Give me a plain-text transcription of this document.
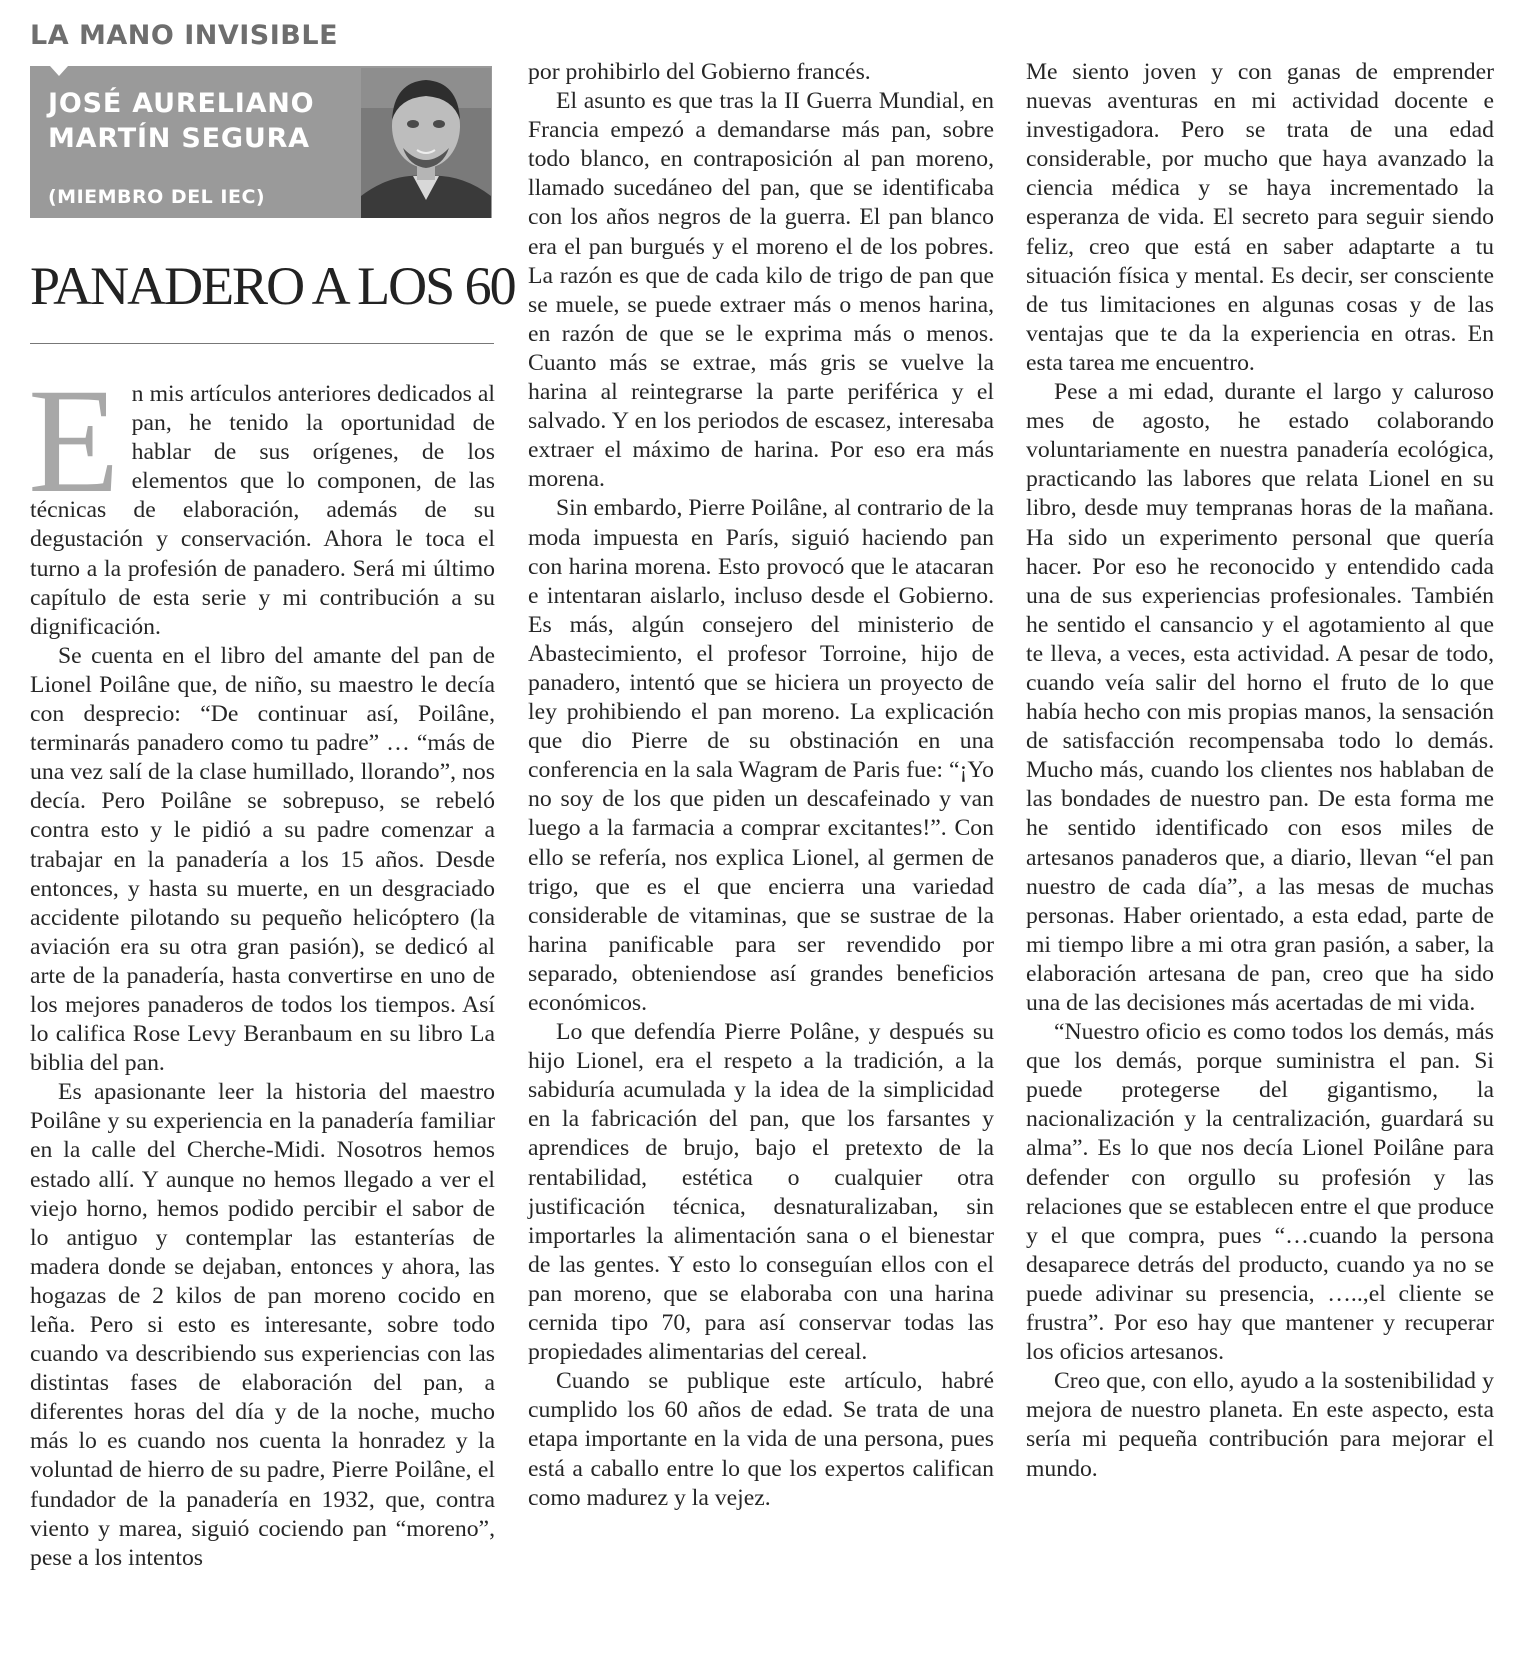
LA MANO INVISIBLE
JOSÉ AURELIANO
MARTÍN SEGURA
(MIEMBRO DEL IEC)
PANADERO A LOS 60

En mis artículos anteriores dedicados al pan, he tenido la oportunidad de hablar de sus orígenes, de los elementos que lo componen, de las técnicas de elaboración, además de su degustación y conservación. Ahora le toca el turno a la profesión de panadero. Será mi último capítulo de esta serie y mi contribución a su dignificación.

Se cuenta en el libro del amante del pan de Lionel Poilâne que, de niño, su maestro le decía con desprecio: “De continuar así, Poilâne, terminarás panadero como tu padre” … “más de una vez salí de la clase humillado, llorando”, nos decía. Pero Poilâne se sobrepuso, se rebeló contra esto y le pidió a su padre comenzar a trabajar en la panadería a los 15 años. Desde entonces, y hasta su muerte, en un desgraciado accidente pilotando su pequeño helicóptero (la aviación era su otra gran pasión), se dedicó al arte de la panadería, hasta convertirse en uno de los mejores panaderos de todos los tiempos. Así lo califica Rose Levy Beranbaum en su libro La biblia del pan.

Es apasionante leer la historia del maestro Poilâne y su experiencia en la panadería familiar en la calle del Cherche-Midi. Nosotros hemos estado allí. Y aunque no hemos llegado a ver el viejo horno, hemos podido percibir el sabor de lo antiguo y contemplar las estanterías de madera donde se dejaban, entonces y ahora, las hogazas de 2 kilos de pan moreno cocido en leña. Pero si esto es interesante, sobre todo cuando va describiendo sus experiencias con las distintas fases de elaboración del pan, a diferentes horas del día y de la noche, mucho más lo es cuando nos cuenta la honradez y la voluntad de hierro de su padre, Pierre Poilâne, el fundador de la panadería en 1932, que, contra viento y marea, siguió cociendo pan “moreno”, pese a los intentos

por prohibirlo del Gobierno francés.

El asunto es que tras la II Guerra Mundial, en Francia empezó a demandarse más pan, sobre todo blanco, en contraposición al pan moreno, llamado sucedáneo del pan, que se identificaba con los años negros de la guerra. El pan blanco era el pan burgués y el moreno el de los pobres. La razón es que de cada kilo de trigo de pan que se muele, se puede extraer más o menos harina, en razón de que se le exprima más o menos. Cuanto más se extrae, más gris se vuelve la harina al reintegrarse la parte periférica y el salvado. Y en los periodos de escasez, interesaba extraer el máximo de harina. Por eso era más morena.

Sin embardo, Pierre Poilâne, al contrario de la moda impuesta en París, siguió haciendo pan con harina morena. Esto provocó que le atacaran e intentaran aislarlo, incluso desde el Gobierno. Es más, algún consejero del ministerio de Abastecimiento, el profesor Torroine, hijo de panadero, intentó que se hiciera un proyecto de ley prohibiendo el pan moreno. La explicación que dio Pierre de su obstinación en una conferencia en la sala Wagram de Paris fue: “¡Yo no soy de los que piden un descafeinado y van luego a la farmacia a comprar excitantes!”. Con ello se refería, nos explica Lionel, al germen de trigo, que es el que encierra una variedad considerable de vitaminas, que se sustrae de la harina panificable para ser revendido por separado, obteniendose así grandes beneficios económicos.

Lo que defendía Pierre Polâne, y después su hijo Lionel, era el respeto a la tradición, a la sabiduría acumulada y la idea de la simplicidad en la fabricación del pan, que los farsantes y aprendices de brujo, bajo el pretexto de la rentabilidad, estética o cualquier otra justificación técnica, desnaturalizaban, sin importarles la alimentación sana o el bienestar de las gentes. Y esto lo conseguían ellos con el pan moreno, que se elaboraba con una harina cernida tipo 70, para así conservar todas las propiedades alimentarias del cereal.

Cuando se publique este artículo, habré cumplido los 60 años de edad. Se trata de una etapa importante en la vida de una persona, pues está a caballo entre lo que los expertos califican como madurez y la vejez.

Me siento joven y con ganas de emprender nuevas aventuras en mi actividad docente e investigadora. Pero se trata de una edad considerable, por mucho que haya avanzado la ciencia médica y se haya incrementado la esperanza de vida. El secreto para seguir siendo feliz, creo que está en saber adaptarte a tu situación física y mental. Es decir, ser consciente de tus limitaciones en algunas cosas y de las ventajas que te da la experiencia en otras. En esta tarea me encuentro.

Pese a mi edad, durante el largo y caluroso mes de agosto, he estado colaborando voluntariamente en nuestra panadería ecológica, practicando las labores que relata Lionel en su libro, desde muy tempranas horas de la mañana. Ha sido un experimento personal que quería hacer. Por eso he reconocido y entendido cada una de sus experiencias profesionales. También he sentido el cansancio y el agotamiento al que te lleva, a veces, esta actividad. A pesar de todo, cuando veía salir del horno el fruto de lo que había hecho con mis propias manos, la sensación de satisfacción recompensaba todo lo demás. Mucho más, cuando los clientes nos hablaban de las bondades de nuestro pan. De esta forma me he sentido identificado con esos miles de artesanos panaderos que, a diario, llevan “el pan nuestro de cada día”, a las mesas de muchas personas. Haber orientado, a esta edad, parte de mi tiempo libre a mi otra gran pasión, a saber, la elaboración artesana de pan, creo que ha sido una de las decisiones más acertadas de mi vida.

“Nuestro oficio es como todos los demás, más que los demás, porque suministra el pan. Si puede protegerse del gigantismo, la nacionalización y la centralización, guardará su alma”. Es lo que nos decía Lionel Poilâne para defender con orgullo su profesión y las relaciones que se establecen entre el que produce y el que compra, pues “…cuando la persona desaparece detrás del producto, cuando ya no se puede adivinar su presencia, …..,el cliente se frustra”. Por eso hay que mantener y recuperar los oficios artesanos.

Creo que, con ello, ayudo a la sostenibilidad y mejora de nuestro planeta. En este aspecto, esta sería mi pequeña contribución para mejorar el mundo.
